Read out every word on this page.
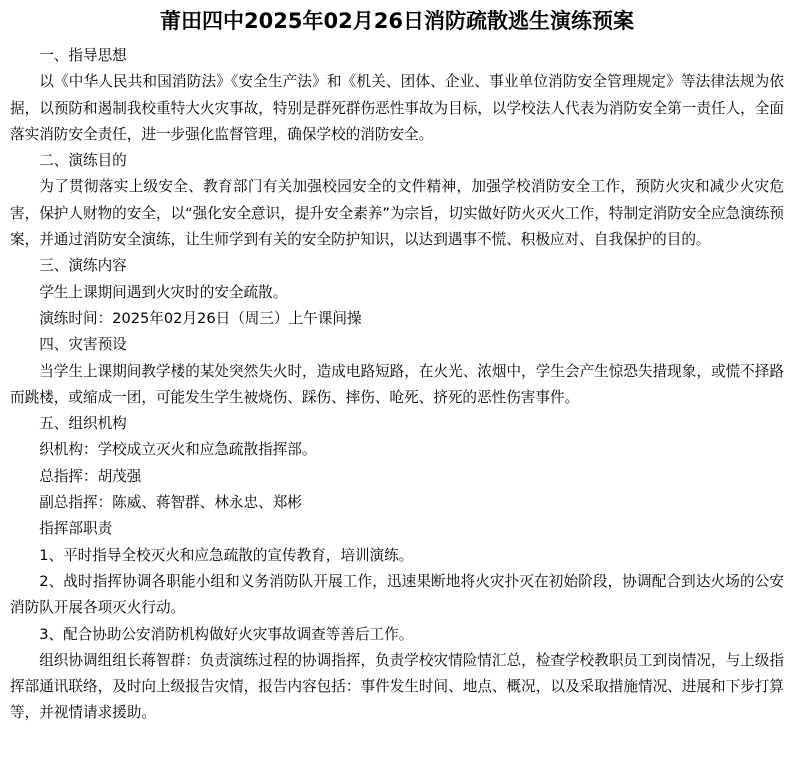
莆田四中2025年02月26日消防疏散逃生演练预案

一、指导思想

以《中华人民共和国消防法》《安全生产法》和《机关、团体、企业、事业单位消防安全管理规定》等法律法规为依据，以预防和遏制我校重特大火灾事故，特别是群死群伤恶性事故为目标，以学校法人代表为消防安全第一责任人，全面落实消防安全责任，进一步强化监督管理，确保学校的消防安全。

二、演练目的

为了贯彻落实上级安全、教育部门有关加强校园安全的文件精神，加强学校消防安全工作，预防火灾和减少火灾危害，保护人财物的安全，以“强化安全意识，提升安全素养”为宗旨，切实做好防火灭火工作，特制定消防安全应急演练预案，并通过消防安全演练，让生师学到有关的安全防护知识，以达到遇事不慌、积极应对、自我保护的目的。

三、演练内容

学生上课期间遇到火灾时的安全疏散。

演练时间：2025年02月26日（周三）上午课间操

四、灾害预设

当学生上课期间教学楼的某处突然失火时，造成电路短路，在火光、浓烟中，学生会产生惊恐失措现象，或慌不择路而跳楼，或缩成一团，可能发生学生被烧伤、踩伤、摔伤、呛死、挤死的恶性伤害事件。

五、组织机构

织机构：学校成立灭火和应急疏散指挥部。

总指挥：胡茂强

副总指挥：陈威、蒋智群、林永忠、郑彬

指挥部职责

1、平时指导全校灭火和应急疏散的宣传教育，培训演练。

2、战时指挥协调各职能小组和义务消防队开展工作，迅速果断地将火灾扑灭在初始阶段，协调配合到达火场的公安消防队开展各项灭火行动。

3、配合协助公安消防机构做好火灾事故调查等善后工作。

组织协调组组长蒋智群：负责演练过程的协调指挥，负责学校灾情险情汇总，检查学校教职员工到岗情况，与上级指挥部通讯联络，及时向上级报告灾情，报告内容包括：事件发生时间、地点、概况，以及采取措施情况、进展和下步打算等，并视情请求援助。
